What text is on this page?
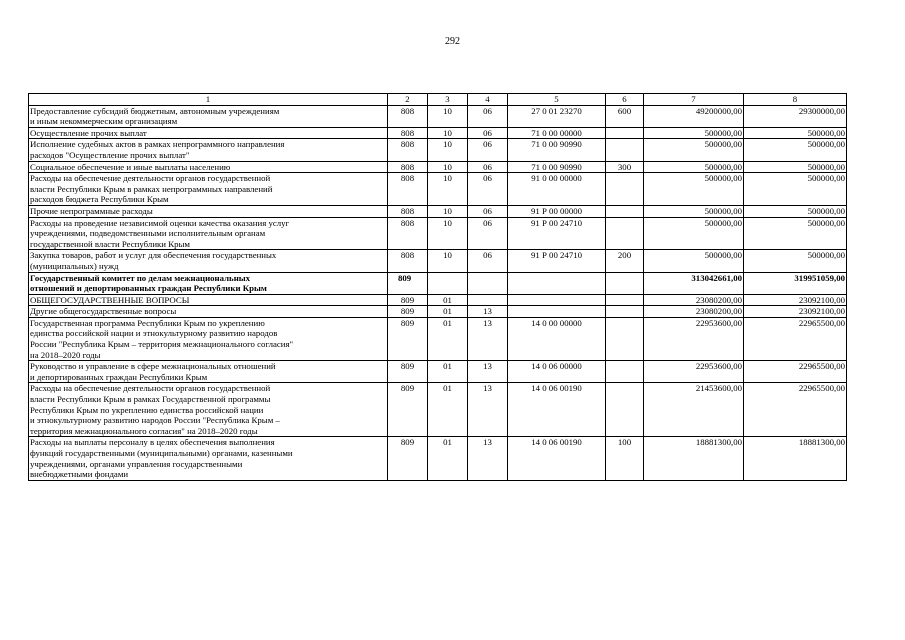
292
1	2	3	4	5	6	7	8
Предоставление субсидий бюджетным, автономным учреждениям
и иным некоммерческим организациям	808	10	06	27 0 01 23270	600	49200000,00	29300000,00
Осуществление прочих выплат	808	10	06	71 0 00 00000		500000,00	500000,00
Исполнение судебных актов в рамках непрограммного направления
расходов "Осуществление прочих выплат"	808	10	06	71 0 00 90990		500000,00	500000,00
Социальное обеспечение и иные выплаты населению	808	10	06	71 0 00 90990	300	500000,00	500000,00
Расходы на обеспечение деятельности органов государственной
власти Республики Крым в рамках непрограммных направлений
расходов бюджета Республики Крым	808	10	06	91 0 00 00000		500000,00	500000,00
Прочие непрограммные расходы	808	10	06	91 Р 00 00000		500000,00	500000,00
Расходы на проведение независимой оценки качества оказания услуг
учреждениями, подведомственными исполнительным органам
государственной власти Республики Крым	808	10	06	91 Р 00 24710		500000,00	500000,00
Закупка товаров, работ и услуг для обеспечения государственных
(муниципальных) нужд	808	10	06	91 Р 00 24710	200	500000,00	500000,00
Государственный комитет по делам межнациональных
отношений и депортированных граждан Республики Крым	809					313042661,00	319951059,00
ОБЩЕГОСУДАРСТВЕННЫЕ ВОПРОСЫ	809	01				23080200,00	23092100,00
Другие общегосударственные вопросы	809	01	13			23080200,00	23092100,00
Государственная программа Республики Крым по укреплению
единства российской нации и этнокультурному развитию народов
России "Республика Крым – территория межнационального согласия"
на 2018–2020 годы	809	01	13	14 0 00 00000		22953600,00	22965500,00
Руководство и управление в сфере межнациональных отношений
и депортированных граждан Республики Крым	809	01	13	14 0 06 00000		22953600,00	22965500,00
Расходы на обеспечение деятельности органов государственной
власти Республики Крым в рамках Государственной программы
Республики Крым по укреплению единства российской нации
и этнокультурному развитию народов России "Республика Крым –
территория межнационального согласия" на 2018–2020 годы	809	01	13	14 0 06 00190		21453600,00	22965500,00
Расходы на выплаты персоналу в целях обеспечения выполнения
функций государственными (муниципальными) органами, казенными
учреждениями, органами управления государственными
внебюджетными фондами	809	01	13	14 0 06 00190	100	18881300,00	18881300,00
